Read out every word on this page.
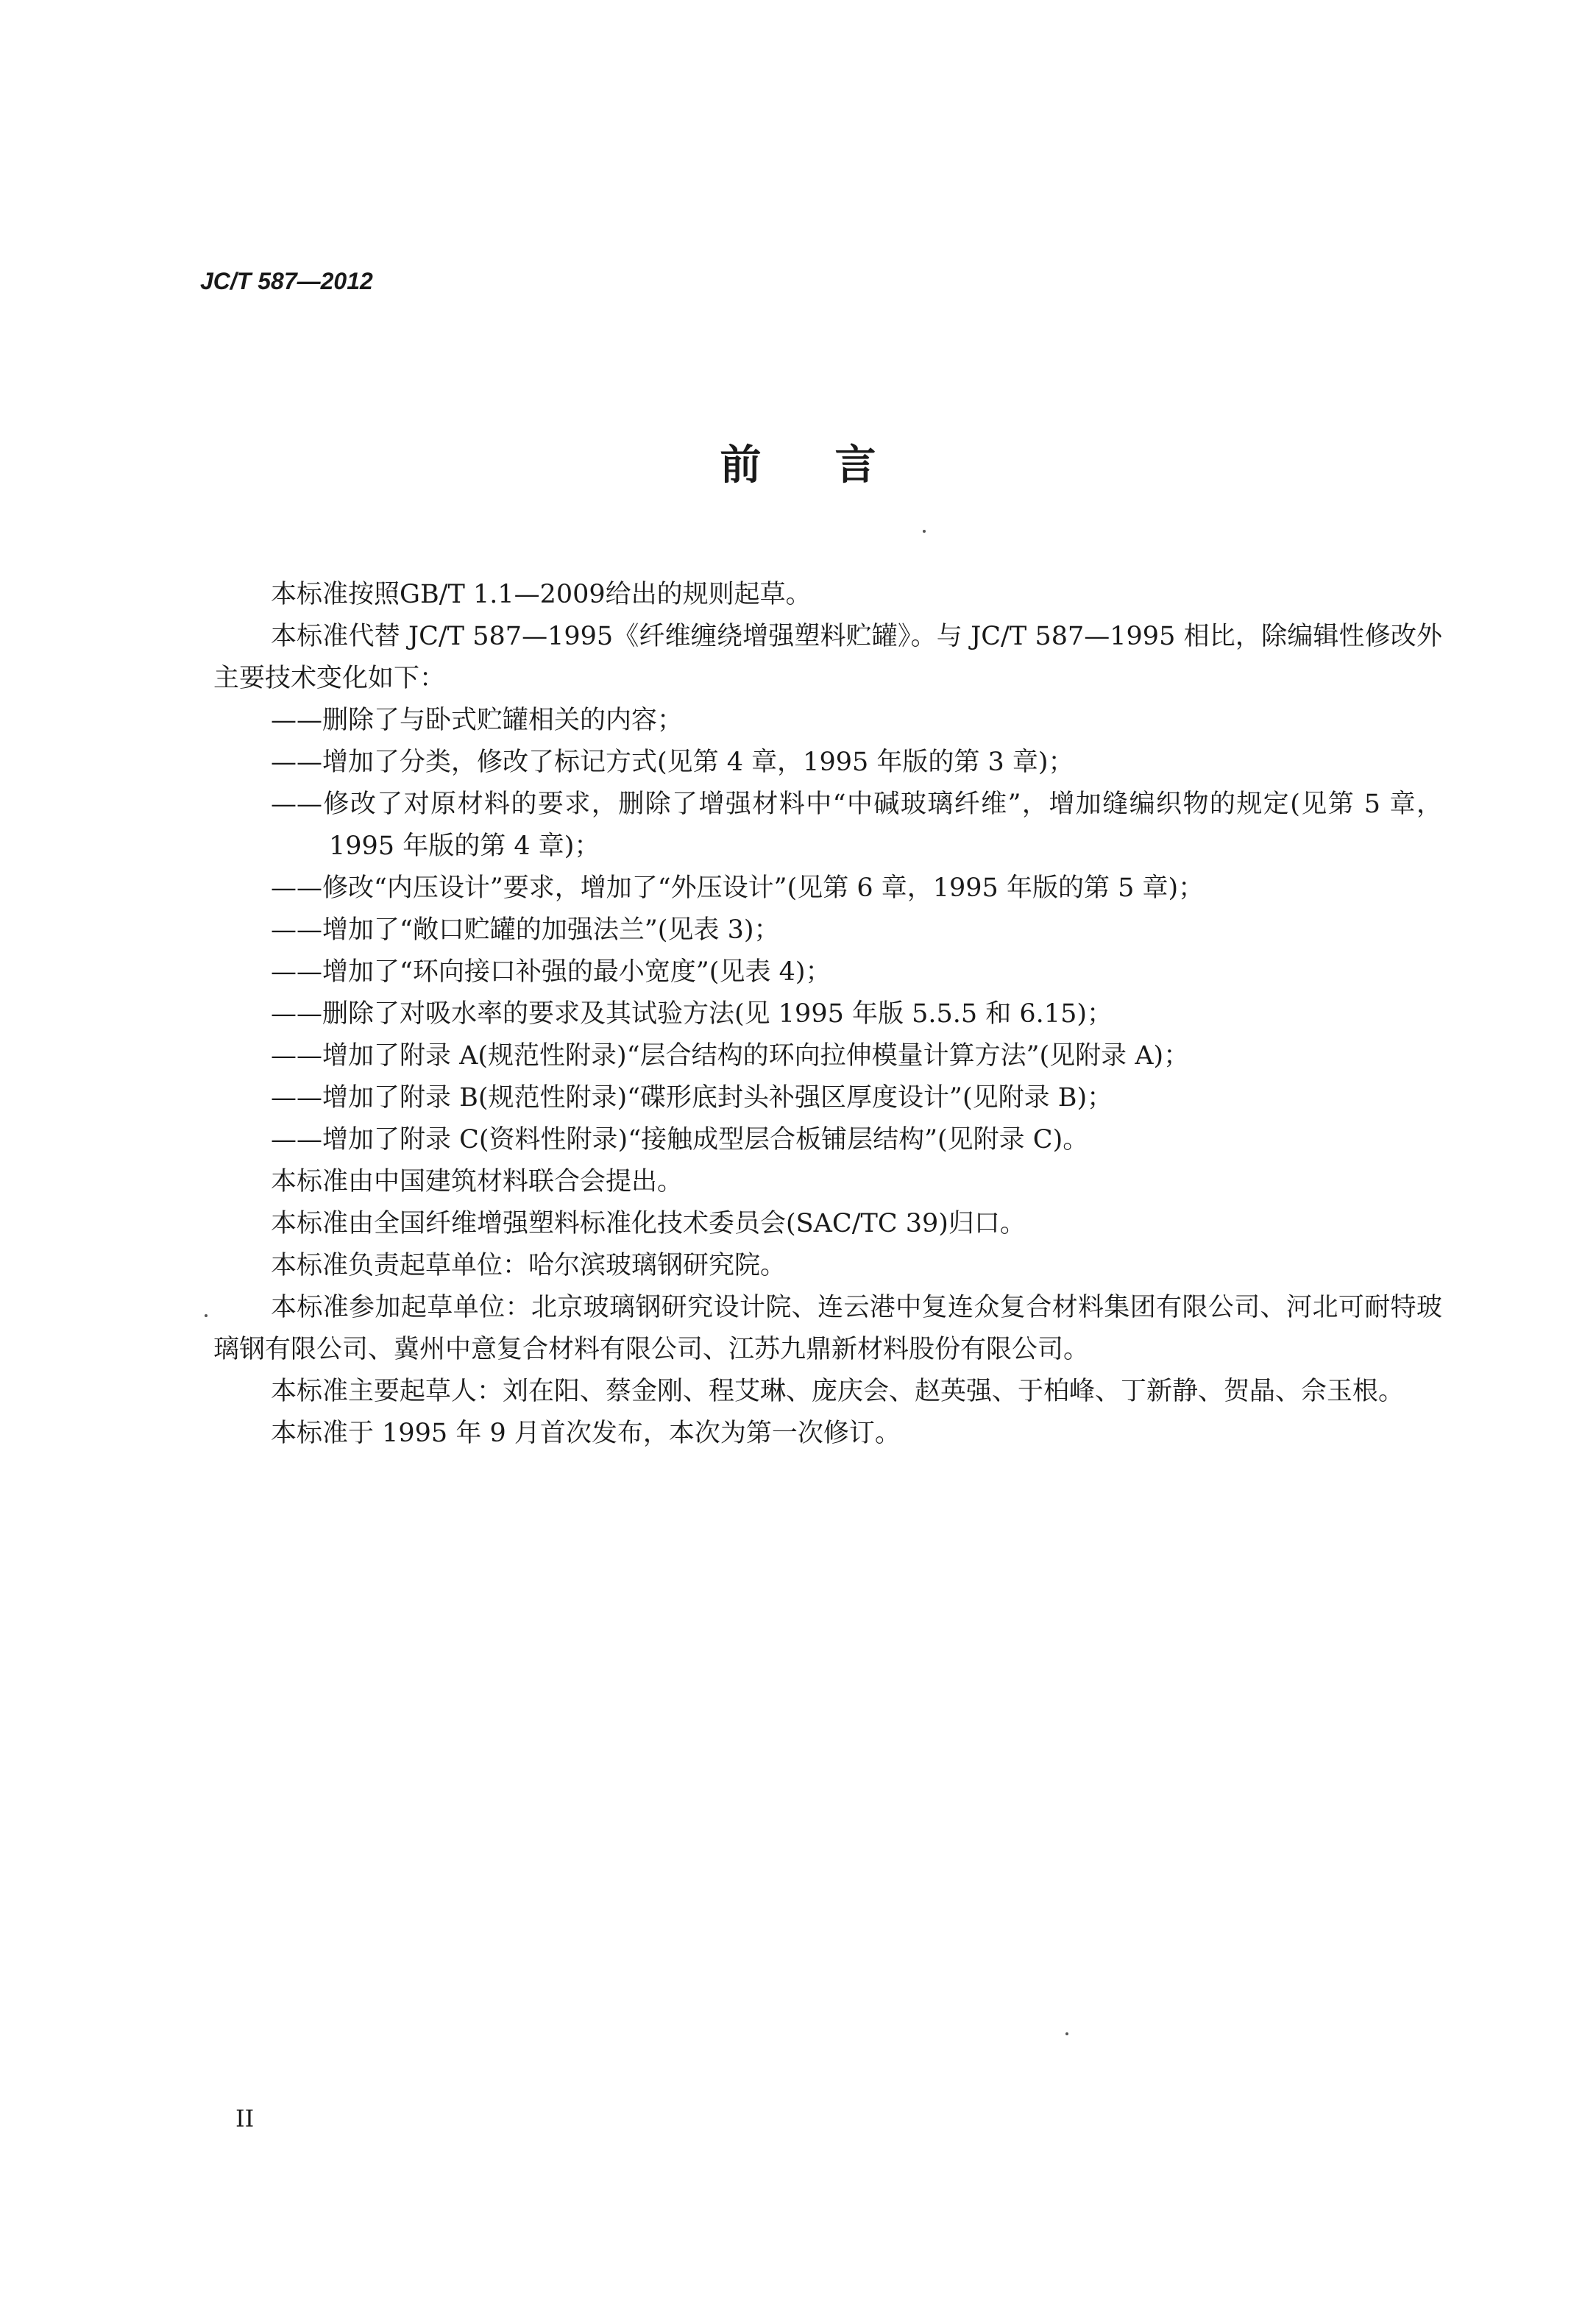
JC/T 587—2012
前言

本标准按照GB/T 1.1—2009给出的规则起草。

本标准代替 JC/T 587—1995《纤维缠绕增强塑料贮罐》。与 JC/T 587—1995 相比，除编辑性修改外主要技术变化如下：

——删除了与卧式贮罐相关的内容；

——增加了分类，修改了标记方式(见第 4 章，1995 年版的第 3 章)；

——修改了对原材料的要求，删除了增强材料中“中碱玻璃纤维”，增加缝编织物的规定(见第 5 章，1995 年版的第 4 章)；

——修改“内压设计”要求，增加了“外压设计”(见第 6 章，1995 年版的第 5 章)；

——增加了“敞口贮罐的加强法兰”(见表 3)；

——增加了“环向接口补强的最小宽度”(见表 4)；

——删除了对吸水率的要求及其试验方法(见 1995 年版 5.5.5 和 6.15)；

——增加了附录 A(规范性附录)“层合结构的环向拉伸模量计算方法”(见附录 A)；

——增加了附录 B(规范性附录)“碟形底封头补强区厚度设计”(见附录 B)；

——增加了附录 C(资料性附录)“接触成型层合板铺层结构”(见附录 C)。

本标准由中国建筑材料联合会提出。

本标准由全国纤维增强塑料标准化技术委员会(SAC/TC 39)归口。

本标准负责起草单位：哈尔滨玻璃钢研究院。

本标准参加起草单位：北京玻璃钢研究设计院、连云港中复连众复合材料集团有限公司、河北可耐特玻璃钢有限公司、冀州中意复合材料有限公司、江苏九鼎新材料股份有限公司。

本标准主要起草人：刘在阳、蔡金刚、程艾琳、庞庆会、赵英强、于柏峰、丁新静、贺晶、佘玉根。

本标准于 1995 年 9 月首次发布，本次为第一次修订。

II
